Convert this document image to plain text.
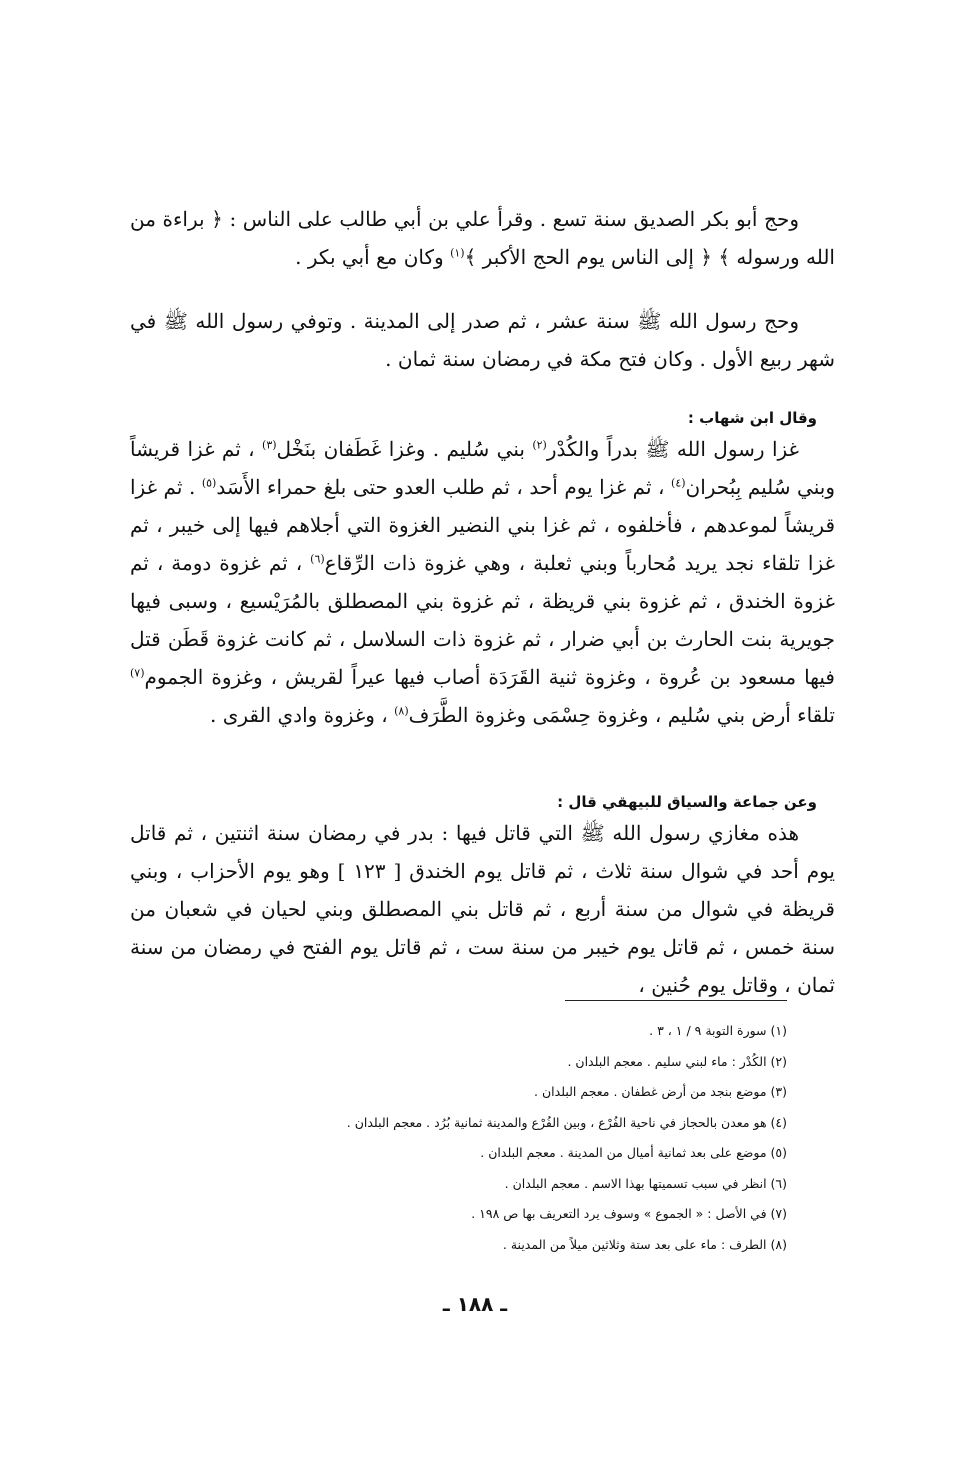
وحج أبو بكر الصديق سنة تسع . وقرأ علي بن أبي طالب على الناس : ﴿ براءة من الله ورسوله ﴾ ﴿ إلى الناس يوم الحج الأكبر ﴾$^{(١)}$ وكان مع أبي بكر .

وحج رسول الله ﷺ سنة عشر ، ثم صدر إلى المدينة . وتوفي رسول الله ﷺ في شهر ربيع الأول . وكان فتح مكة في رمضان سنة ثمان .

وقال ابن شهاب :

غزا رسول الله ﷺ بدراً والكُدْر$^{(٢)}$ بني سُليم . وغزا غَطَفان بنَخْل$^{(٣)}$ ، ثم غزا قريشاً وبني سُليم بِبُحران$^{(٤)}$ ، ثم غزا يوم أحد ، ثم طلب العدو حتى بلغ حمراء الأَسَد$^{(٥)}$ . ثم غزا قريشاً لموعدهم ، فأخلفوه ، ثم غزا بني النضير الغزوة التي أجلاهم فيها إلى خيبر ، ثم غزا تلقاء نجد يريد مُحارباً وبني ثعلبة ، وهي غزوة ذات الرِّقاع$^{(٦)}$ ، ثم غزوة دومة ، ثم غزوة الخندق ، ثم غزوة بني قريظة ، ثم غزوة بني المصطلق بالمُرَيْسيع ، وسبى فيها جويرية بنت الحارث بن أبي ضرار ، ثم غزوة ذات السلاسل ، ثم كانت غزوة قَطَن قتل فيها مسعود بن عُروة ، وغزوة ثنية القَرَدَة أصاب فيها عيراً لقريش ، وغزوة الجموم$^{(٧)}$ تلقاء أرض بني سُليم ، وغزوة حِسْمَى وغزوة الطَّرَف$^{(٨)}$ ، وغزوة وادي القرى .

وعن جماعة والسياق للبيهقي قال :

هذه مغازي رسول الله ﷺ التي قاتل فيها : بدر في رمضان سنة اثنتين ، ثم قاتل يوم أحد في شوال سنة ثلاث ، ثم قاتل يوم الخندق [ ١٢٣ ] وهو يوم الأحزاب ، وبني قريظة في شوال من سنة أربع ، ثم قاتل بني المصطلق وبني لحيان في شعبان من سنة خمس ، ثم قاتل يوم خيبر من سنة ست ، ثم قاتل يوم الفتح في رمضان من سنة ثمان ، وقاتل يوم حُنين ،

(١) سورة التوبة ٩ / ١ ، ٣ .
(٢) الكُدْر : ماء لبني سليم . معجم البلدان .
(٣) موضع بنجد من أرض غطفان . معجم البلدان .
(٤) هو معدن بالحجاز في ناحية الفُرْع ، وبين الفُرْع والمدينة ثمانية بُرُد . معجم البلدان .
(٥) موضع على بعد ثمانية أميال من المدينة . معجم البلدان .
(٦) انظر في سبب تسميتها بهذا الاسم . معجم البلدان .
(٧) في الأصل : « الجموع » وسوف يرد التعريف بها ص ١٩٨ .
(٨) الطرف : ماء على بعد ستة وثلاثين ميلاً من المدينة .
ـ ١٨٨ ـ
